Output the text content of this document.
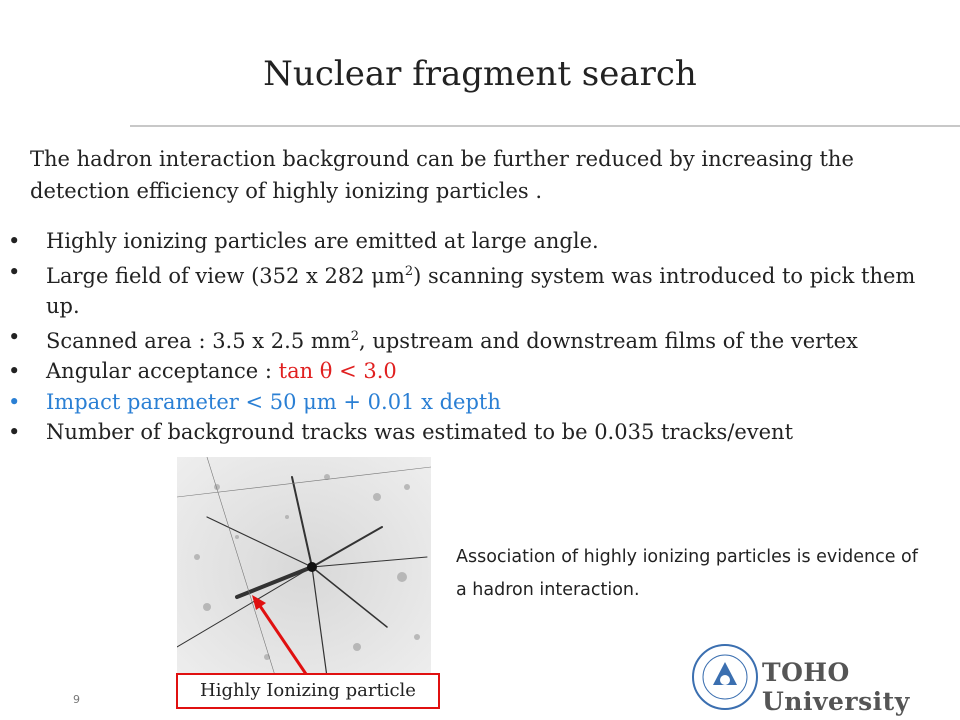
Nuclear fragment search
The hadron interaction background can be further reduced by increasing the detection efficiency of highly ionizing particles .
• Highly ionizing particles are emitted at large angle.
• Large field of view (352 x 282 $\mu m^2$) scanning system was introduced to pick them up.
• Scanned area : 3.5 x 2.5 $mm^2$, upstream and downstream films of the vertex
• Angular acceptance : tan θ < 3.0
• Impact parameter < 50 μm + 0.01 x depth
• Number of background tracks was estimated to be 0.035 tracks/event
Highly Ionizing particle
Association of highly ionizing particles is evidence of a hadron interaction.
9
TOHO University
